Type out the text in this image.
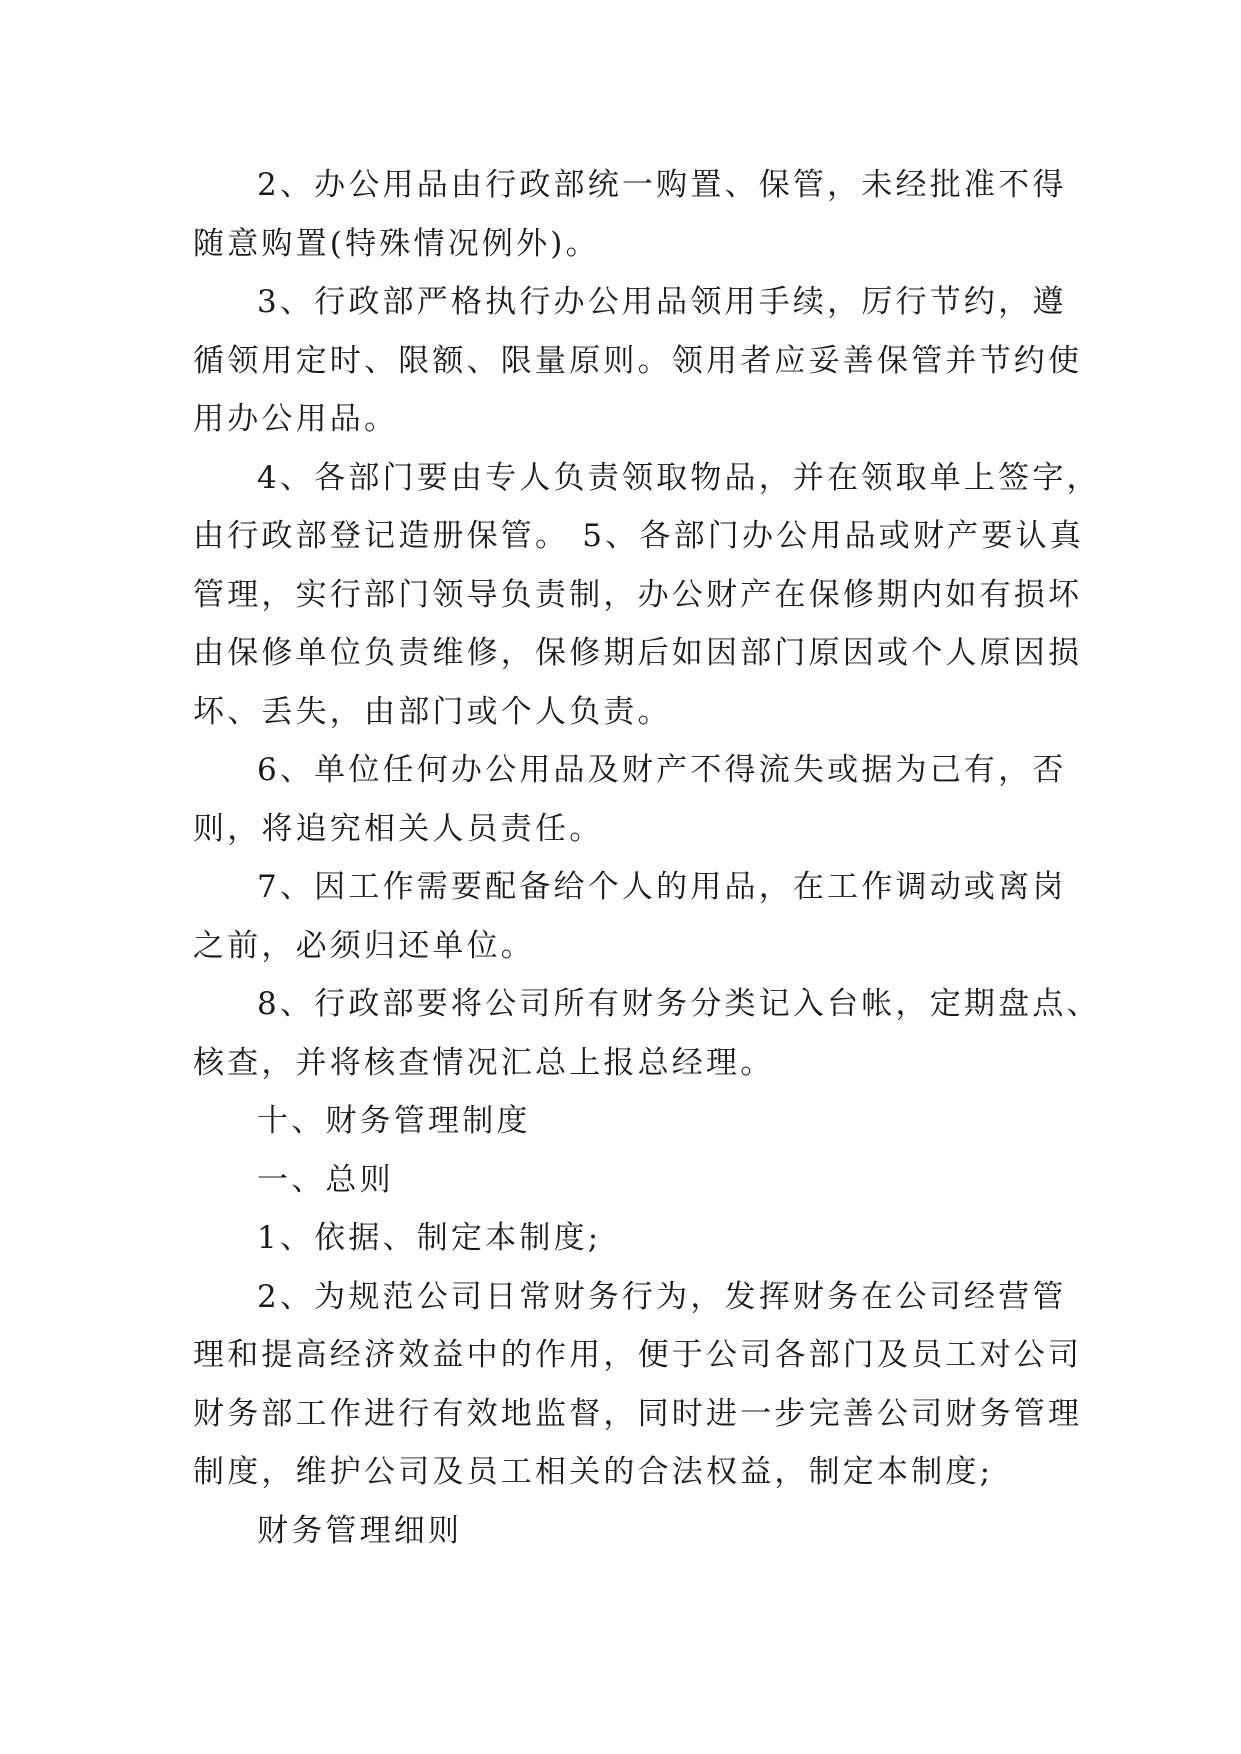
2、办公用品由行政部统一购置、保管，未经批准不得
随意购置(特殊情况例外)。
3、行政部严格执行办公用品领用手续，厉行节约，遵
循领用定时、限额、限量原则。领用者应妥善保管并节约使
用办公用品。
4、各部门要由专人负责领取物品，并在领取单上签字，
由行政部登记造册保管。 5、各部门办公用品或财产要认真
管理，实行部门领导负责制，办公财产在保修期内如有损坏
由保修单位负责维修，保修期后如因部门原因或个人原因损
坏、丢失，由部门或个人负责。
6、单位任何办公用品及财产不得流失或据为己有，否
则，将追究相关人员责任。
7、因工作需要配备给个人的用品，在工作调动或离岗
之前，必须归还单位。
8、行政部要将公司所有财务分类记入台帐，定期盘点、
核查，并将核查情况汇总上报总经理。
十、财务管理制度
一、总则
1、依据、制定本制度;
2、为规范公司日常财务行为，发挥财务在公司经营管
理和提高经济效益中的作用，便于公司各部门及员工对公司
财务部工作进行有效地监督，同时进一步完善公司财务管理
制度，维护公司及员工相关的合法权益，制定本制度;
财务管理细则
